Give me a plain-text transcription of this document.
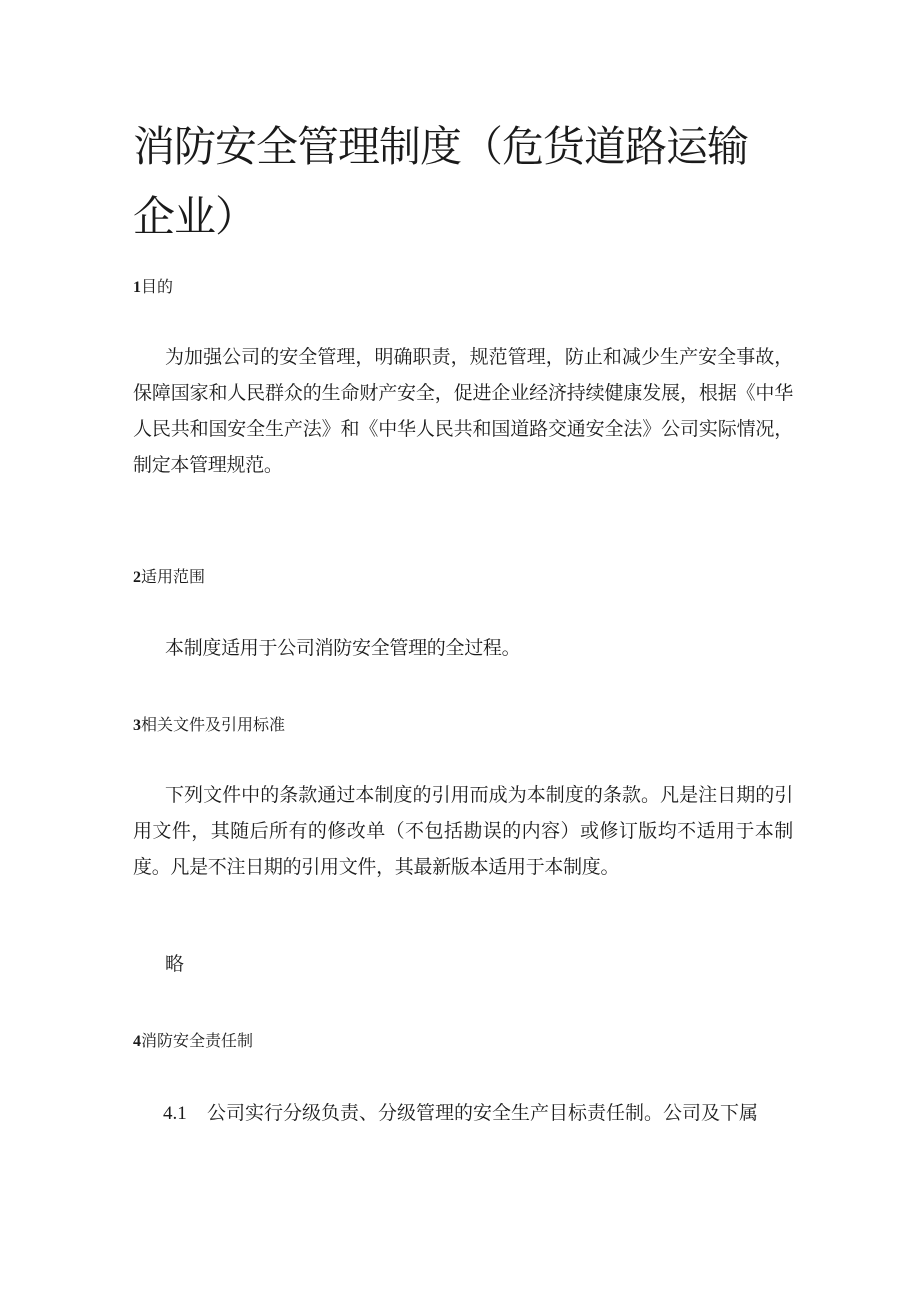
消防安全管理制度（危货道路运输企业）
1目的

为加强公司的安全管理，明确职责，规范管理，防止和减少生产安全事故，保障国家和人民群众的生命财产安全，促进企业经济持续健康发展，根据《中华人民共和国安全生产法》和《中华人民共和国道路交通安全法》公司实际情况，制定本管理规范。

2适用范围

本制度适用于公司消防安全管理的全过程。

3相关文件及引用标准

下列文件中的条款通过本制度的引用而成为本制度的条款。凡是注日期的引用文件，其随后所有的修改单（不包括勘误的内容）或修订版均不适用于本制度。凡是不注日期的引用文件，其最新版本适用于本制度。

略

4消防安全责任制

4.1 公司实行分级负责、分级管理的安全生产目标责任制。公司及下属
